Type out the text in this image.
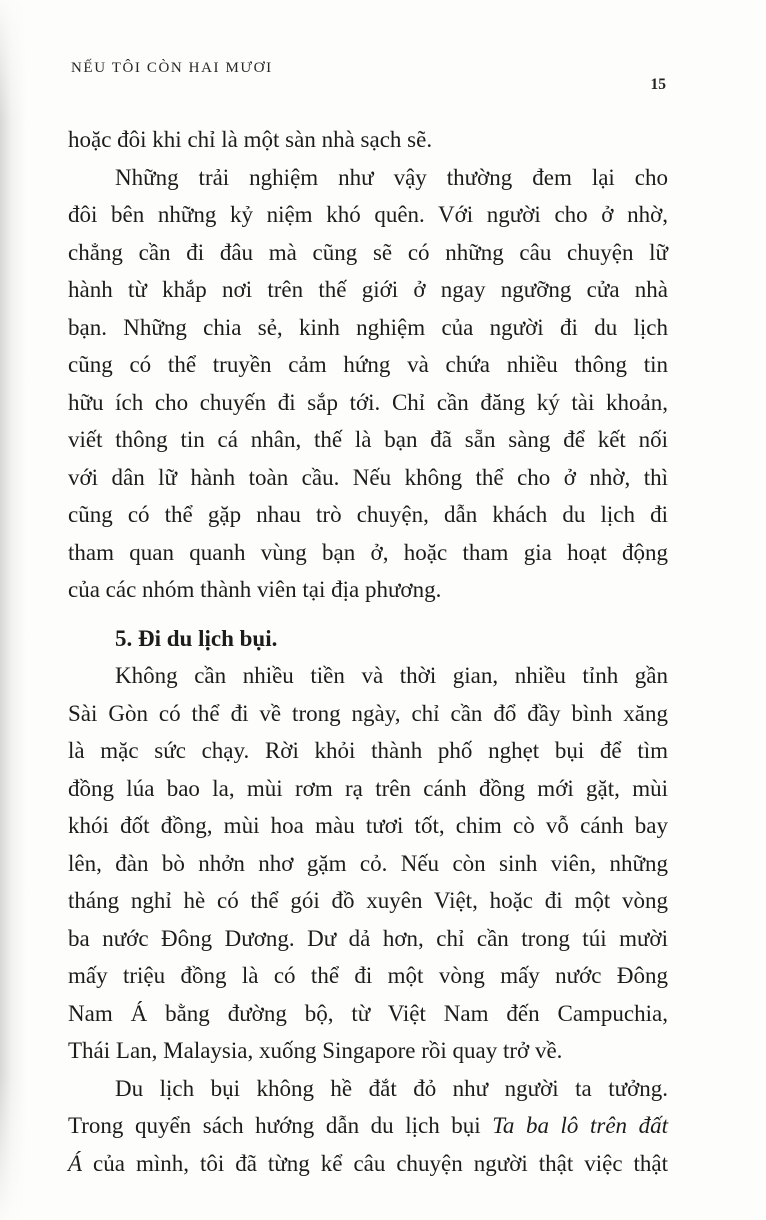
NẾU TÔI CÒN HAI MƯƠI
15
hoặc đôi khi chỉ là một sàn nhà sạch sẽ.
Những trải nghiệm như vậy thường đem lại cho
đôi bên những kỷ niệm khó quên. Với người cho ở nhờ,
chẳng cần đi đâu mà cũng sẽ có những câu chuyện lữ
hành từ khắp nơi trên thế giới ở ngay ngưỡng cửa nhà
bạn. Những chia sẻ, kinh nghiệm của người đi du lịch
cũng có thể truyền cảm hứng và chứa nhiều thông tin
hữu ích cho chuyến đi sắp tới. Chỉ cần đăng ký tài khoản,
viết thông tin cá nhân, thế là bạn đã sẵn sàng để kết nối
với dân lữ hành toàn cầu. Nếu không thể cho ở nhờ, thì
cũng có thể gặp nhau trò chuyện, dẫn khách du lịch đi
tham quan quanh vùng bạn ở, hoặc tham gia hoạt động
của các nhóm thành viên tại địa phương.
5. Đi du lịch bụi.
Không cần nhiều tiền và thời gian, nhiều tỉnh gần
Sài Gòn có thể đi về trong ngày, chỉ cần đổ đầy bình xăng
là mặc sức chạy. Rời khỏi thành phố nghẹt bụi để tìm
đồng lúa bao la, mùi rơm rạ trên cánh đồng mới gặt, mùi
khói đốt đồng, mùi hoa màu tươi tốt, chim cò vỗ cánh bay
lên, đàn bò nhởn nhơ gặm cỏ. Nếu còn sinh viên, những
tháng nghỉ hè có thể gói đồ xuyên Việt, hoặc đi một vòng
ba nước Đông Dương. Dư dả hơn, chỉ cần trong túi mười
mấy triệu đồng là có thể đi một vòng mấy nước Đông
Nam Á bằng đường bộ, từ Việt Nam đến Campuchia,
Thái Lan, Malaysia, xuống Singapore rồi quay trở về.
Du lịch bụi không hề đắt đỏ như người ta tưởng.
Trong quyển sách hướng dẫn du lịch bụi Ta ba lô trên đất
Á của mình, tôi đã từng kể câu chuyện người thật việc thật
